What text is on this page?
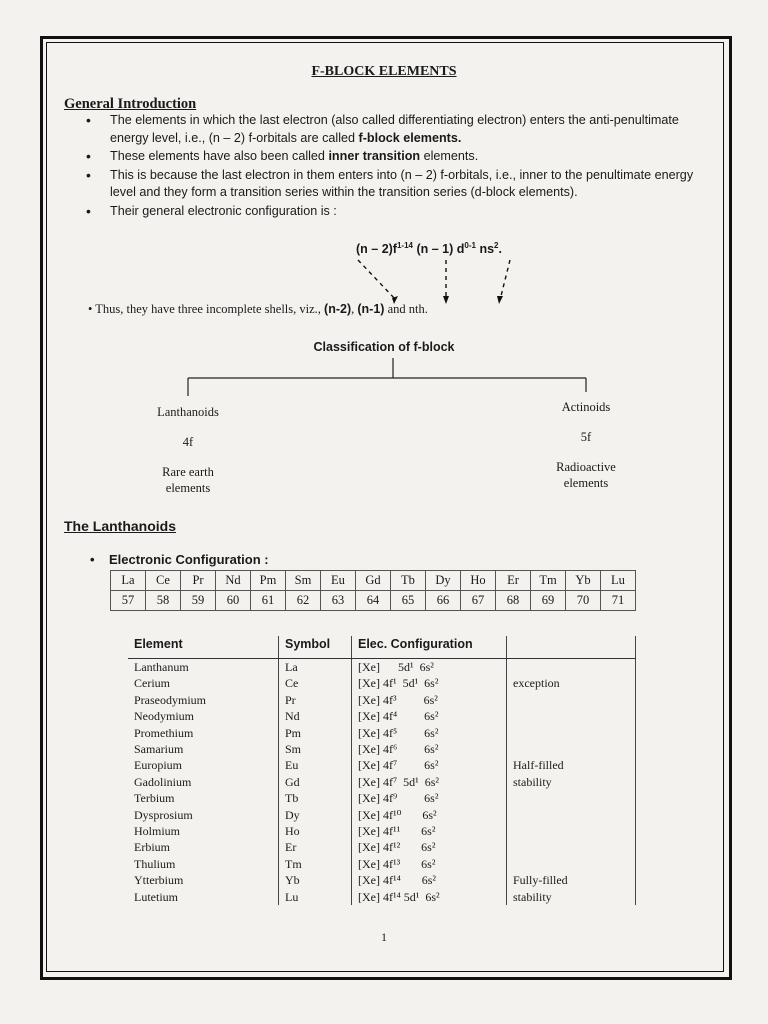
F-BLOCK ELEMENTS
General Introduction
• The elements in which the last electron (also called differentiating electron) enters the anti-penultimate energy level, i.e., (n – 2) f-orbitals are called f-block elements.
• These elements have also been called inner transition elements.
• This is because the last electron in them enters into (n – 2) f-orbitals, i.e., inner to the penultimate energy level and they form a transition series within the transition series (d-block elements).
• Their general electronic configuration is :
$(n - 2)f^{1-14}$ (n – 1) $d^{0-1}$ $ns^2$.
• Thus, they have three incomplete shells, viz., (n-2), (n-1) and nth.
Classification of f-block
Lanthanoids
4f
Rare earth elements
Actinoids
5f
Radioactive elements
The Lanthanoids
•    Electronic Configuration :
La	Ce	Pr	Nd	Pm	Sm	Eu	Gd	Tb	Dy	Ho	Er	Tm	Yb	Lu
57	58	59	60	61	62	63	64	65	66	67	68	69	70	71
Element	Symbol	Elec. Configuration	
Lanthanum	La	[Xe]      5d¹  6s²	
Cerium	Ce	[Xe] 4f¹  5d¹  6s²	exception
Praseodymium	Pr	[Xe] 4f³         6s²	
Neodymium	Nd	[Xe] 4f⁴         6s²	
Promethium	Pm	[Xe] 4f⁵         6s²	
Samarium	Sm	[Xe] 4f⁶         6s²	
Europium	Eu	[Xe] 4f⁷         6s²	Half-filled
Gadolinium	Gd	[Xe] 4f⁷  5d¹  6s²	stability
Terbium	Tb	[Xe] 4f⁹         6s²	
Dysprosium	Dy	[Xe] 4f¹⁰       6s²	
Holmium	Ho	[Xe] 4f¹¹       6s²	
Erbium	Er	[Xe] 4f¹²       6s²	
Thulium	Tm	[Xe] 4f¹³       6s²	
Ytterbium	Yb	[Xe] 4f¹⁴       6s²	Fully-filled
Lutetium	Lu	[Xe] 4f¹⁴ 5d¹  6s²	stability
1
